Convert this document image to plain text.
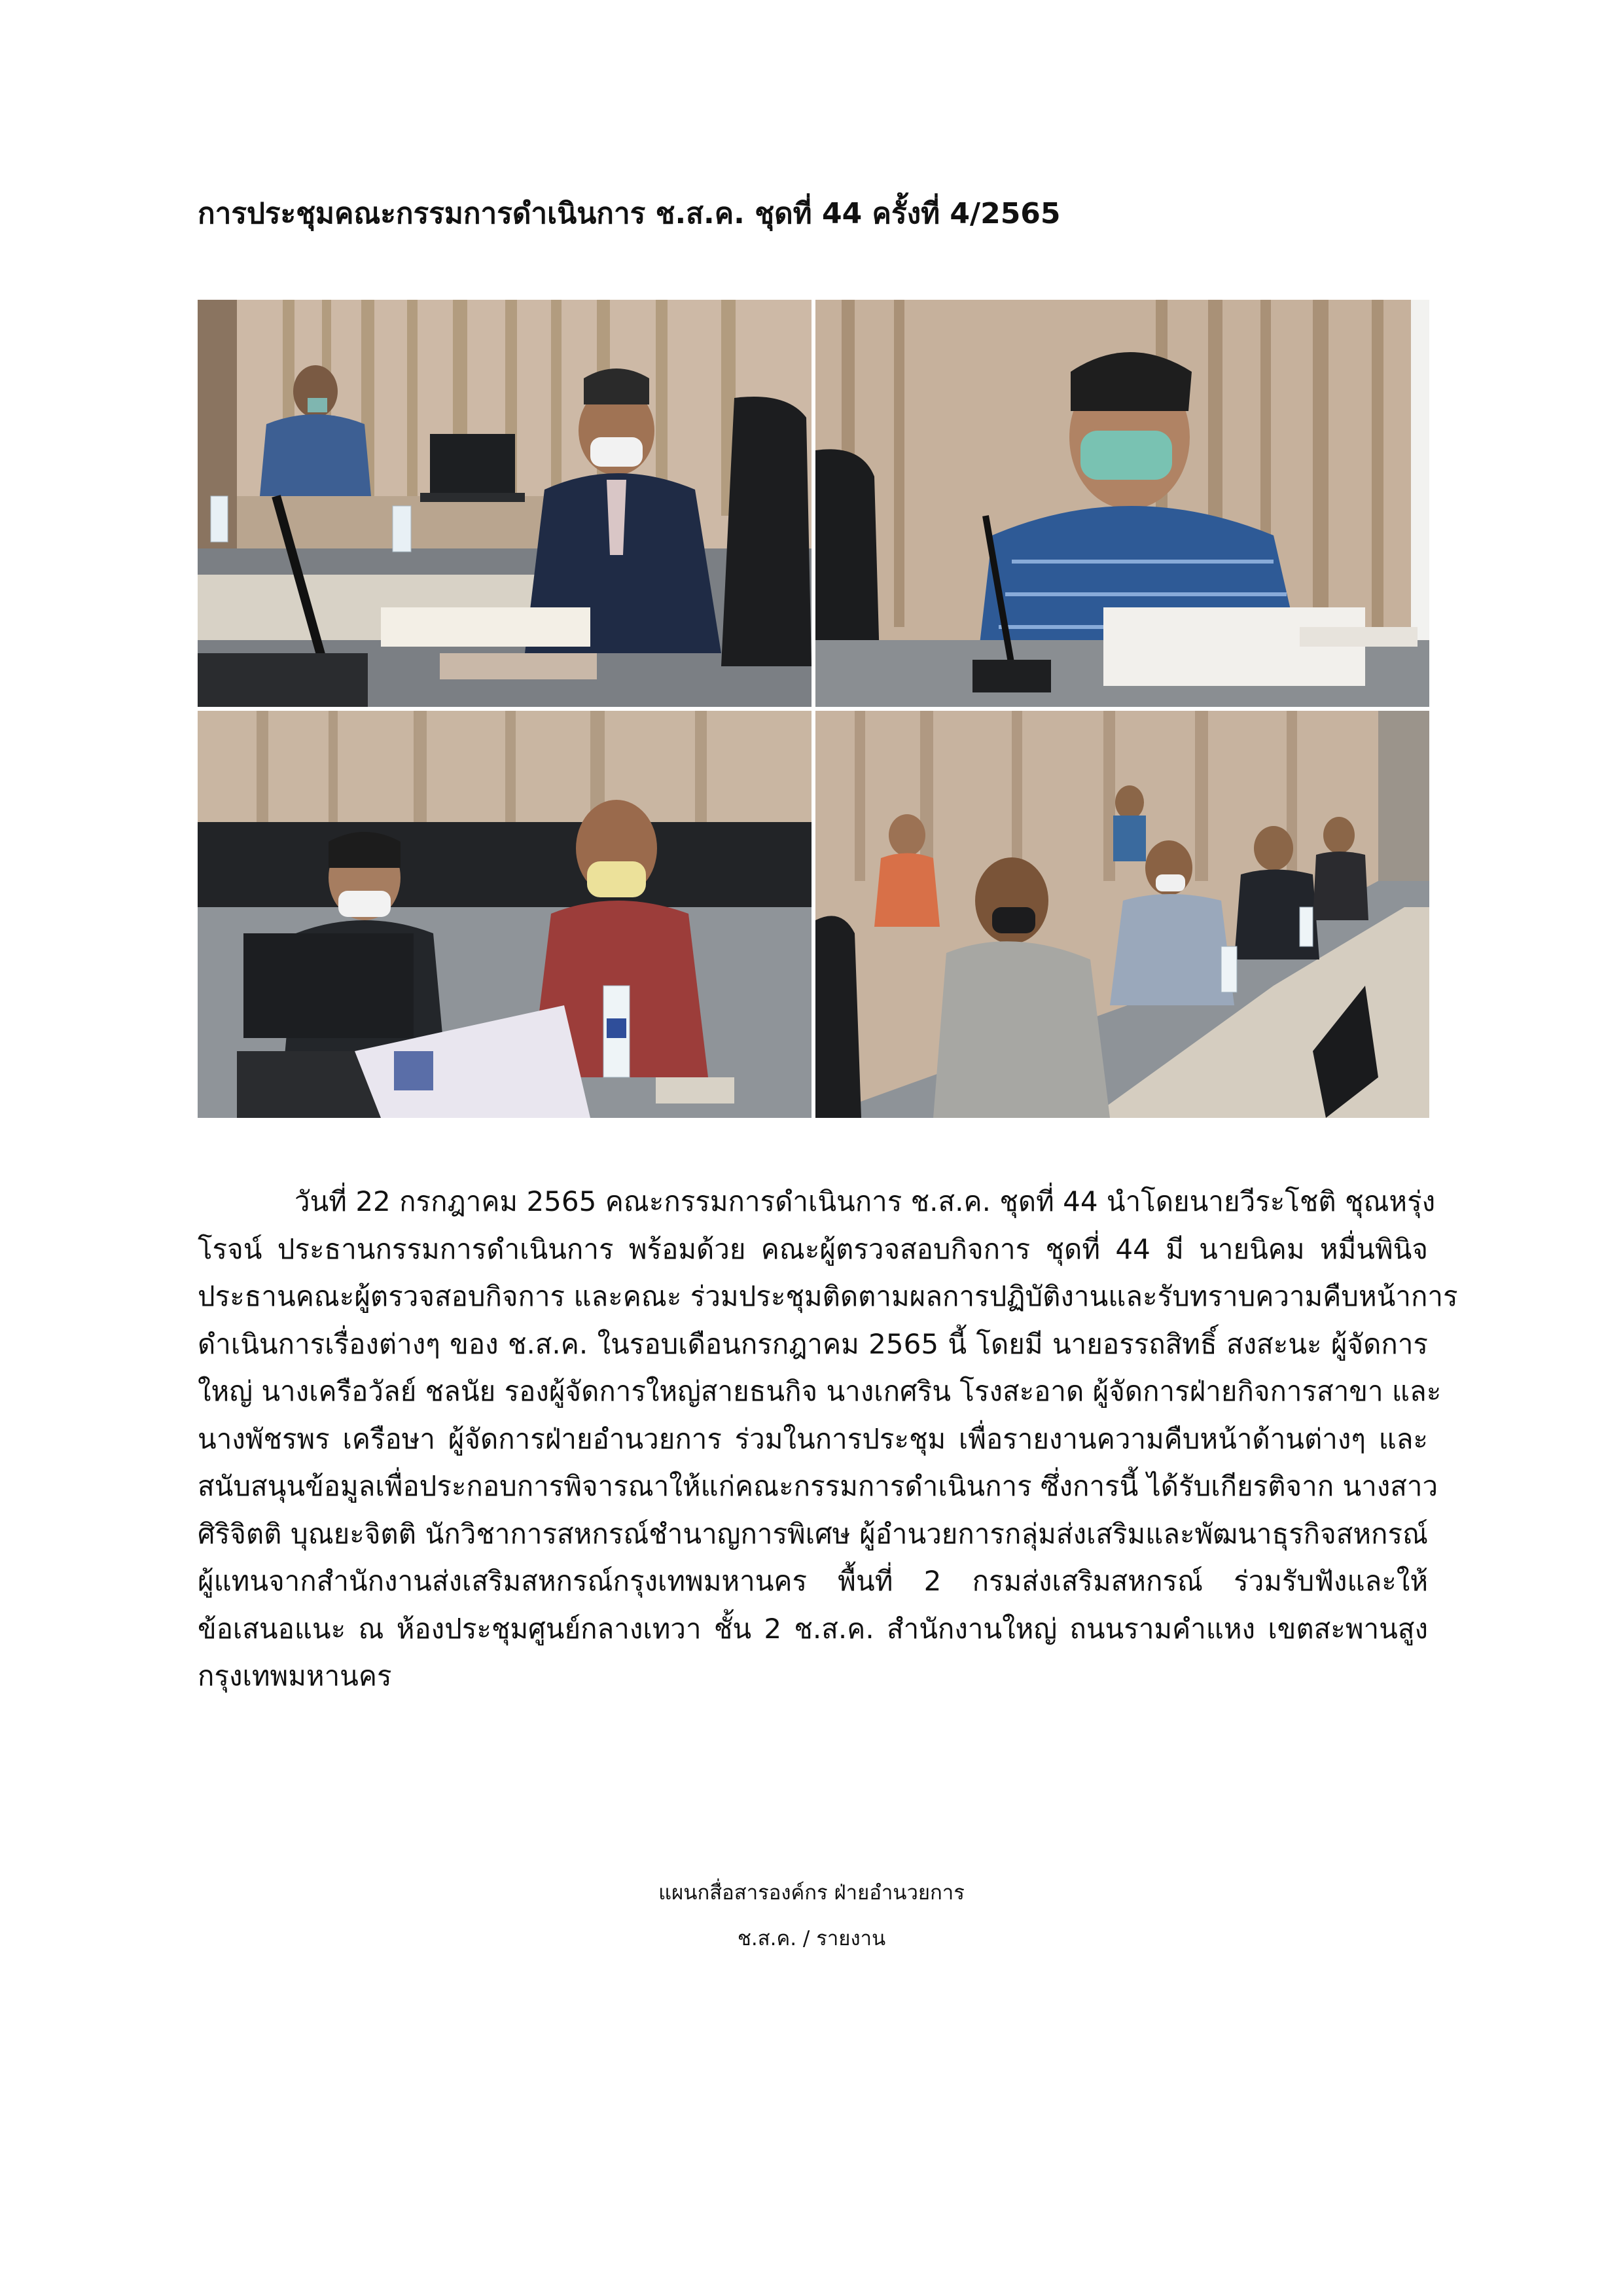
การประชุมคณะกรรมการดำเนินการ ช.ส.ค. ชุดที่ 44 ครั้งที่ 4/2565
วันที่ 22 กรกฎาคม 2565 คณะกรรมการดำเนินการ ช.ส.ค. ชุดที่ 44 นำโดยนายวีระโชติ ชุณหรุ่ง
โรจน์ ประธานกรรมการดำเนินการ พร้อมด้วย คณะผู้ตรวจสอบกิจการ ชุดที่ 44 มี นายนิคม หมื่นพินิจ
ประธานคณะผู้ตรวจสอบกิจการ และคณะ ร่วมประชุมติดตามผลการปฏิบัติงานและรับทราบความคืบหน้าการ
ดำเนินการเรื่องต่างๆ ของ ช.ส.ค. ในรอบเดือนกรกฎาคม 2565 นี้ โดยมี นายอรรถสิทธิ์ สงสะนะ ผู้จัดการ
ใหญ่ นางเครือวัลย์ ชลนัย รองผู้จัดการใหญ่สายธนกิจ นางเกศริน โรงสะอาด ผู้จัดการฝ่ายกิจการสาขา และ
นางพัชรพร เครือษา ผู้จัดการฝ่ายอำนวยการ ร่วมในการประชุม เพื่อรายงานความคืบหน้าด้านต่างๆ และ
สนับสนุนข้อมูลเพื่อประกอบการพิจารณาให้แก่คณะกรรมการดำเนินการ ซึ่งการนี้ ได้รับเกียรติจาก นางสาว
ศิริจิตติ บุณยะจิตติ นักวิชาการสหกรณ์ชำนาญการพิเศษ ผู้อำนวยการกลุ่มส่งเสริมและพัฒนาธุรกิจสหกรณ์
ผู้แทนจากสำนักงานส่งเสริมสหกรณ์กรุงเทพมหานคร พื้นที่ 2 กรมส่งเสริมสหกรณ์ ร่วมรับฟังและให้
ข้อเสนอแนะ ณ ห้องประชุมศูนย์กลางเทวา ชั้น 2 ช.ส.ค. สำนักงานใหญ่ ถนนรามคำแหง เขตสะพานสูง
กรุงเทพมหานคร
แผนกสื่อสารองค์กร ฝ่ายอำนวยการ
ช.ส.ค. / รายงาน
